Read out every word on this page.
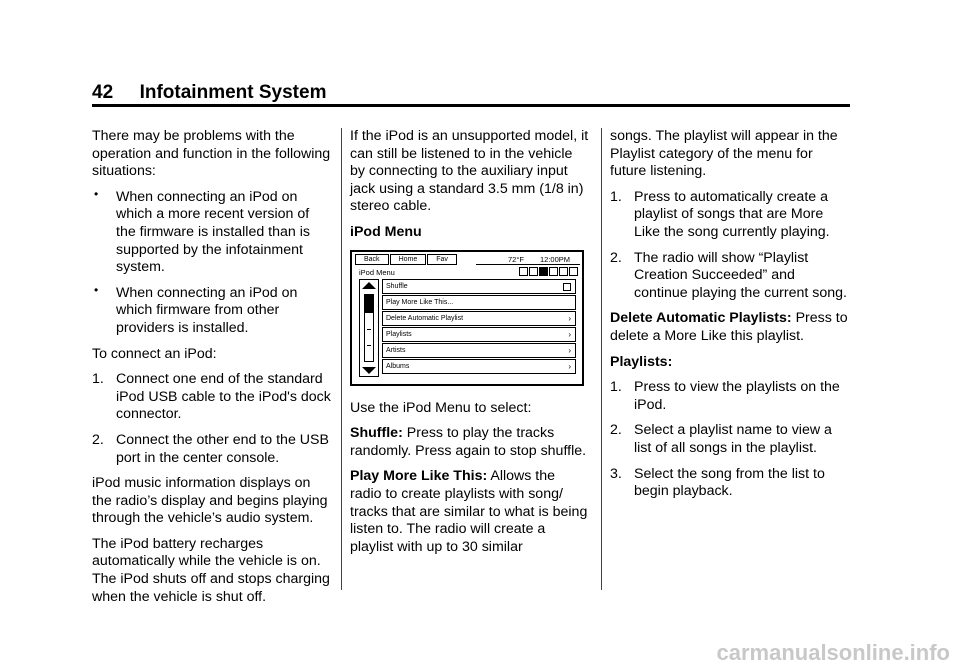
42 Infotainment System

There may be problems with the operation and function in the following situations:

• When connecting an iPod on which a more recent version of the firmware is installed than is supported by the infotainment system.
• When connecting an iPod on which firmware from other providers is installed.

To connect an iPod:

1. Connect one end of the standard iPod USB cable to the iPod's dock connector.
2. Connect the other end to the USB port in the center console.

iPod music information displays on the radio’s display and begins playing through the vehicle’s audio system.

The iPod battery recharges automatically while the vehicle is on. The iPod shuts off and stops charging when the vehicle is shut off.

If the iPod is an unsupported model, it can still be listened to in the vehicle by connecting to the auxiliary input jack using a standard 3.5 mm (1/8 in) stereo cable.

iPod Menu

Back	Home	Fav	72°F 12:00PM
iPod Menu
Shuffle
Play More Like This...
Delete Automatic Playlist	›
Playlists	›
Artists	›
Albums	›

Use the iPod Menu to select:

Shuffle: Press to play the tracks randomly. Press again to stop shuffle.

Play More Like This: Allows the radio to create playlists with song/ tracks that are similar to what is being listen to. The radio will create a playlist with up to 30 similar

songs. The playlist will appear in the Playlist category of the menu for future listening.

1. Press to automatically create a playlist of songs that are More Like the song currently playing.
2. The radio will show “Playlist Creation Succeeded” and continue playing the current song.

Delete Automatic Playlists: Press to delete a More Like this playlist.

Playlists:

1. Press to view the playlists on the iPod.
2. Select a playlist name to view a list of all songs in the playlist.
3. Select the song from the list to begin playback.
carmanualsonline.info
